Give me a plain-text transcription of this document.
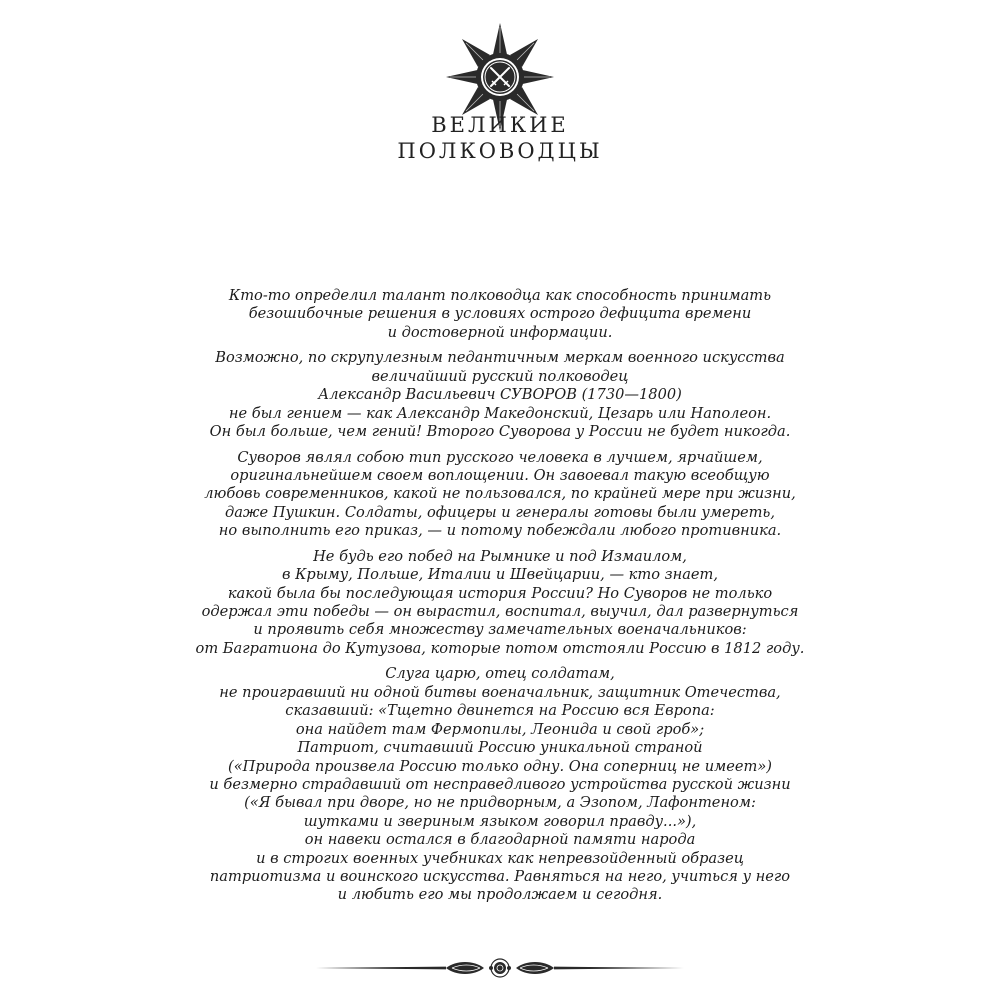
ВЕЛИКИЕ
ПОЛКОВОДЦЫ
Кто-то определил талант полководца как способность принимать
безошибочные решения в условиях острого дефицита времени
и достоверной информации.
Возможно, по скрупулезным педантичным меркам военного искусства
величайший русский полководец
Александр Васильевич СУВОРОВ (1730—1800)
не был гением — как Александр Македонский, Цезарь или Наполеон.
Он был больше, чем гений! Второго Суворова у России не будет никогда.
Суворов являл собою тип русского человека в лучшем, ярчайшем,
оригинальнейшем своем воплощении. Он завоевал такую всеобщую
любовь современников, какой не пользовался, по крайней мере при жизни,
даже Пушкин. Солдаты, офицеры и генералы готовы были умереть,
но выполнить его приказ, — и потому побеждали любого противника.
Не будь его побед на Рымнике и под Измаилом,
в Крыму, Польше, Италии и Швейцарии, — кто знает,
какой была бы последующая история России? Но Суворов не только
одержал эти победы — он вырастил, воспитал, выучил, дал развернуться
и проявить себя множеству замечательных военачальников:
от Багратиона до Кутузова, которые потом отстояли Россию в 1812 году.
Слуга царю, отец солдатам,
не проигравший ни одной битвы военачальник, защитник Отечества,
сказавший: «Тщетно двинется на Россию вся Европа:
она найдет там Фермопилы, Леонида и свой гроб»;
Патриот, считавший Россию уникальной страной
(«Природа произвела Россию только одну. Она соперниц не имеет»)
и безмерно страдавший от несправедливого устройства русской жизни
(«Я бывал при дворе, но не придворным, а Эзопом, Лафонтеном:
шутками и звериным языком говорил правду...»),
он навеки остался в благодарной памяти народа
и в строгих военных учебниках как непревзойденный образец
патриотизма и воинского искусства. Равняться на него, учиться у него
и любить его мы продолжаем и сегодня.
